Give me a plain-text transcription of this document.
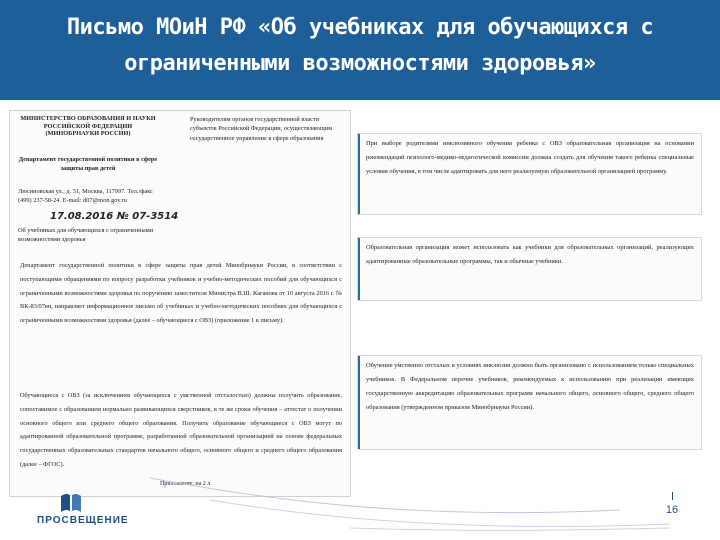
Письмо МОиН РФ «Об учебниках для обучающихся с ограниченными возможностями здоровья»
МИНИСТЕРСТВО ОБРАЗОВАНИЯ И НАУКИ РОССИЙСКОЙ ФЕДЕРАЦИИ (МИНОБРНАУКИ РОССИИ)
Руководителям органов государственной власти субъектов Российской Федерации, осуществляющим государственное управление в сфере образования
Департамент государственной политики в сфере защиты прав детей
Люсиновская ул., д. 51, Москва, 117997. Тел./факс (499) 237-58-24. E-mail: d07@mon.gov.ru
17.08.2016 № 07-3514
Об учебниках для обучающихся с ограниченными возможностями здоровья
Департамент государственной политики в сфере защиты прав детей Минобрнауки России, в соответствии с поступающими обращениями по вопросу разработки учебников и учебно-методических пособий для обучающихся с ограниченными возможностями здоровья по поручению заместителя Министра В.Ш. Каганова от 10 августа 2016 г. № ВК-83/07вн, направляет информационное письмо об учебниках и учебно-методических пособиях для обучающихся с ограниченными возможностями здоровья (далее – обучающиеся с ОВЗ) (приложение 1 к письму).
Обучающиеся с ОВЗ (за исключением обучающихся с умственной отсталостью) должны получить образование, сопоставимое с образованием нормально развивающихся сверстников, в те же сроки обучения – аттестат о получении основного общего или среднего общего образования. Получить образование обучающиеся с ОВЗ могут по адаптированной образовательной программе, разработанной образовательной организацией на основе федеральных государственных образовательных стандартов начального общего, основного общего и среднего общего образования (далее – ФГОС).
Приложение: на 2 л.
При выборе родителями инклюзивного обучения ребенка с ОВЗ образовательная организация на основании рекомендаций психолого-медико-педагогической комиссии должна создать для обучения такого ребенка специальные условия обучения, в том числе адаптировать для него реализуемую образовательной организацией программу.
Образовательная организация может использовать как учебники для образовательных организаций, реализующих адаптированные образовательные программы, так и обычные учебники.
Обучение умственно отсталых в условиях инклюзии должно быть организовано с использованием только специальных учебников. В Федеральном перечне учебников, рекомендуемых к использованию при реализации имеющих государственную аккредитацию образовательных программ начального общего, основного общего, среднего общего образования (утвержденном приказом Минобрнауки России).
ПРОСВЕЩЕНИЕ
16
